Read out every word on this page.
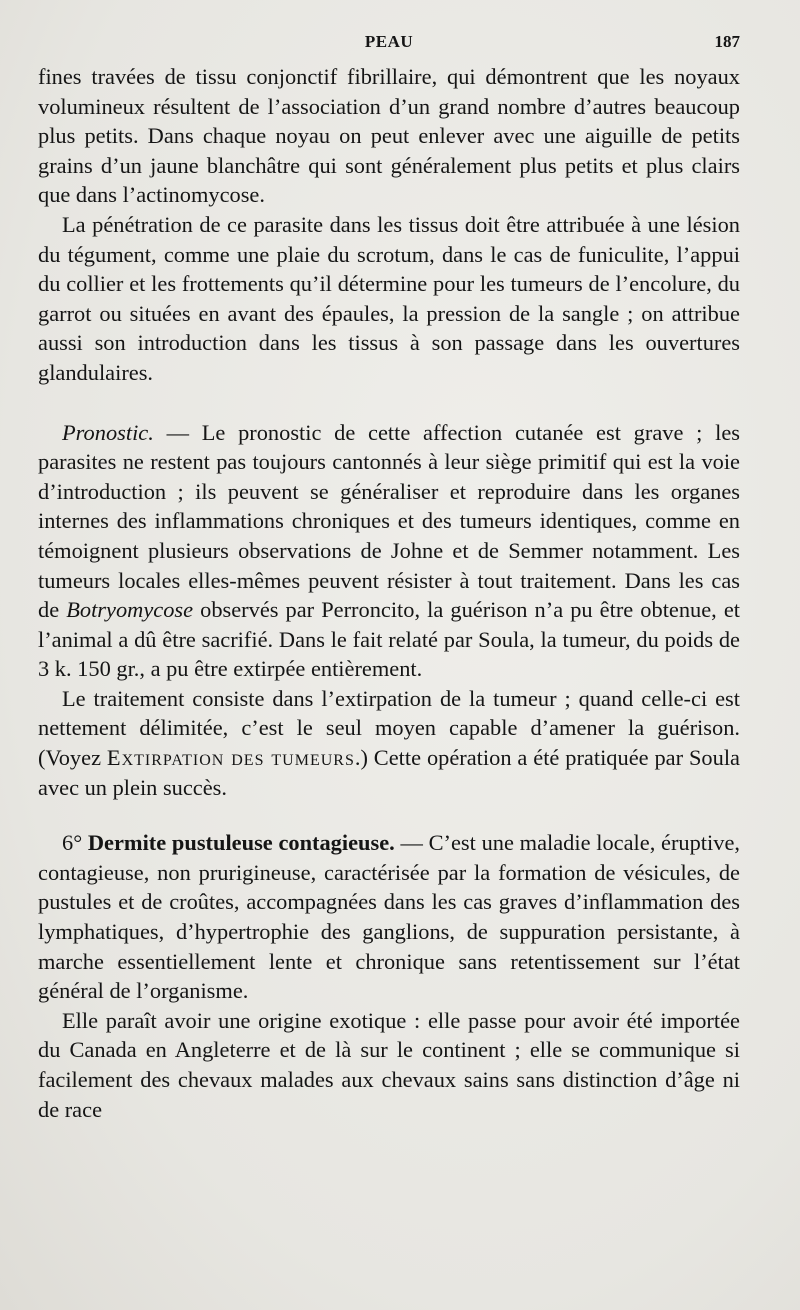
PEAU	187

fines travées de tissu conjonctif fibrillaire, qui démontrent que les noyaux volumineux résultent de l’association d’un grand nombre d’autres beaucoup plus petits. Dans chaque noyau on peut enlever avec une aiguille de petits grains d’un jaune blanchâtre qui sont généralement plus petits et plus clairs que dans l’actinomycose.

La pénétration de ce parasite dans les tissus doit être attribuée à une lésion du tégument, comme une plaie du scrotum, dans le cas de funiculite, l’appui du collier et les frottements qu’il détermine pour les tumeurs de l’encolure, du garrot ou situées en avant des épaules, la pression de la sangle ; on attribue aussi son introduction dans les tissus à son passage dans les ouvertures glandulaires.

Pronostic. — Le pronostic de cette affection cutanée est grave ; les parasites ne restent pas toujours cantonnés à leur siège primitif qui est la voie d’introduction ; ils peuvent se généraliser et reproduire dans les organes internes des inflammations chroniques et des tumeurs identiques, comme en témoignent plusieurs observations de Johne et de Semmer notamment. Les tumeurs locales elles-mêmes peuvent résister à tout traitement. Dans les cas de Botryomycose observés par Perroncito, la guérison n’a pu être obtenue, et l’animal a dû être sacrifié. Dans le fait relaté par Soula, la tumeur, du poids de 3 k. 150 gr., a pu être extirpée entièrement.

Le traitement consiste dans l’extirpation de la tumeur ; quand celle-ci est nettement délimitée, c’est le seul moyen capable d’amener la guérison. (Voyez Extirpation des tumeurs.) Cette opération a été pratiquée par Soula avec un plein succès.

6° Dermite pustuleuse contagieuse. — C’est une maladie locale, éruptive, contagieuse, non prurigineuse, caractérisée par la formation de vésicules, de pustules et de croûtes, accompagnées dans les cas graves d’inflammation des lymphatiques, d’hypertrophie des ganglions, de suppuration persistante, à marche essentiellement lente et chronique sans retentissement sur l’état général de l’organisme.

Elle paraît avoir une origine exotique : elle passe pour avoir été importée du Canada en Angleterre et de là sur le continent ; elle se communique si facilement des chevaux malades aux chevaux sains sans distinction d’âge ni de race
